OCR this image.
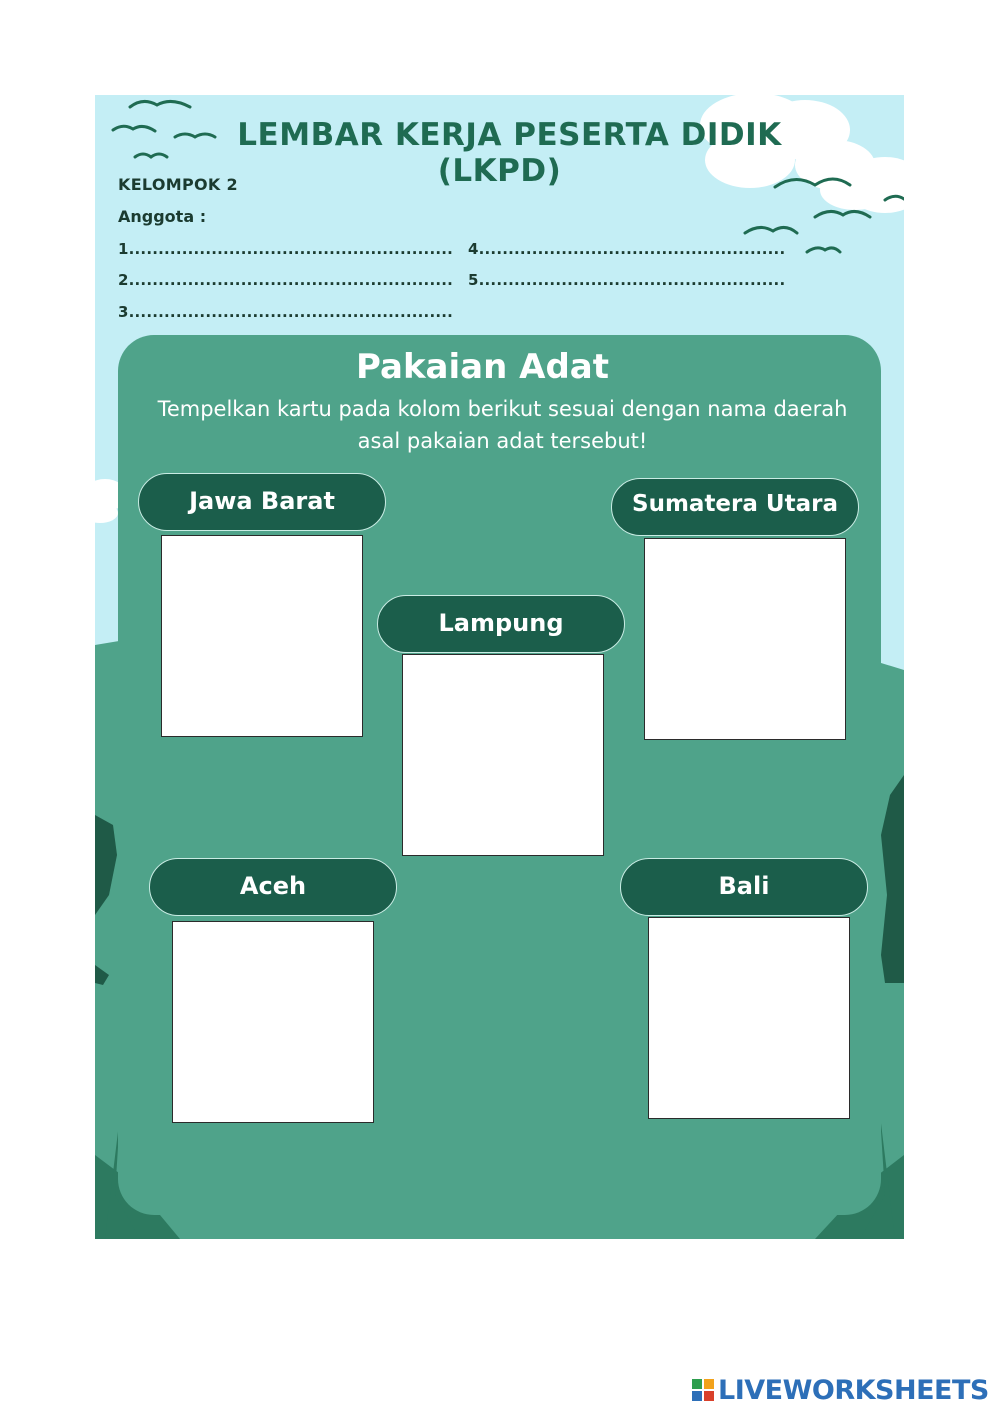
LEMBAR KERJA PESERTA DIDIK

(LKPD)

KELOMPOK 2
Anggota :
1.......................................................
2.......................................................
3.......................................................
4....................................................
5....................................................
Pakaian Adat
Tempelkan kartu pada kolom berikut sesuai dengan nama daerah asal pakaian adat tersebut!
Jawa Barat	Sumatera Utara
Lampung
Aceh	Bali
LIVEWORKSHEETS
